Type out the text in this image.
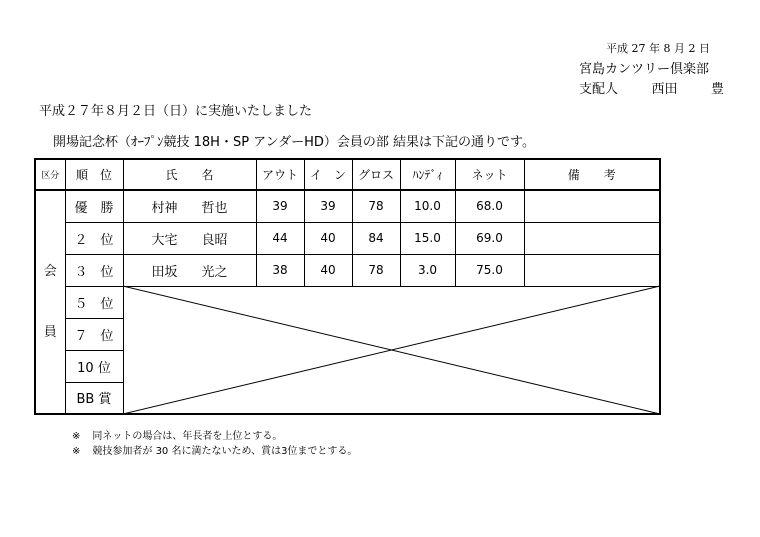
平成 27 年 8 月 2 日
宮島カンツリー倶楽部
支配人	西田	豊
平成２７年８月２日（日）に実施いたしました
開場記念杯（ｵｰﾌﾟﾝ競技 18H・SP アンダーHD）会員の部 結果は下記の通りです。
区分	順　位	氏　　名	アウト	イ　ン	グロス	ﾊﾝﾃﾞｨ	ネット	備　　考

会
員	優　勝	村神 哲也	39	39	78	10.0	68.0	
	２　位	大宅 良昭	44	40	84	15.0	69.0	
	３　位	田坂 光之	38	40	78	3.0	75.0	
	５　位							
	７　位							
	10 位							
	BB 賞							
※ 同ネットの場合は、年長者を上位とする。
※ 競技参加者が 30 名に満たないため、賞は3位までとする。
